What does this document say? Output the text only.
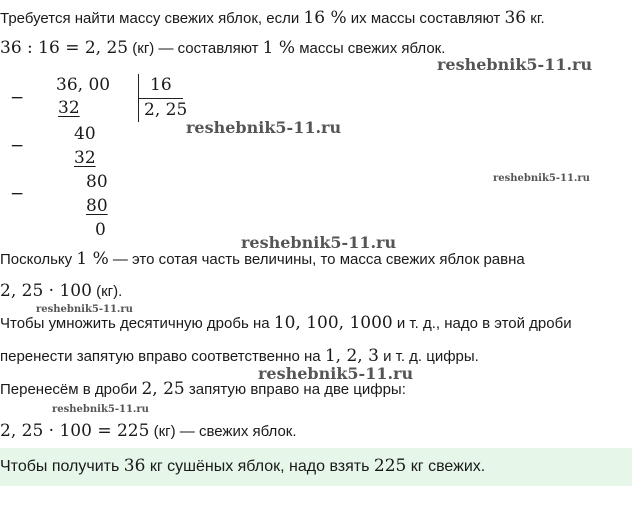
Требуется найти массу свежих яблок, если 16 % их массы составляют 36 кг.
36 : 16 = 2, 25 (кг) — составляют 1 % массы свежих яблок.
reshebnik5-11.ru
−
−
−
36, 00
32
40
32
80
80
0
16
2, 25
reshebnik5-11.ru
reshebnik5-11.ru
reshebnik5-11.ru
Поскольку 1 % — это сотая часть величины, то масса свежих яблок равна
2, 25 · 100 (кг).
reshebnik5-11.ru
Чтобы умножить десятичную дробь на 10, 100, 1000 и т. д., надо в этой дроби
перенести запятую вправо соответственно на 1, 2, 3 и т. д. цифры.
reshebnik5-11.ru
Перенесём в дроби 2, 25 запятую вправо на две цифры:
reshebnik5-11.ru
2, 25 · 100 = 225 (кг) — свежих яблок.
Чтобы получить 36 кг сушёных яблок, надо взять 225 кг свежих.
